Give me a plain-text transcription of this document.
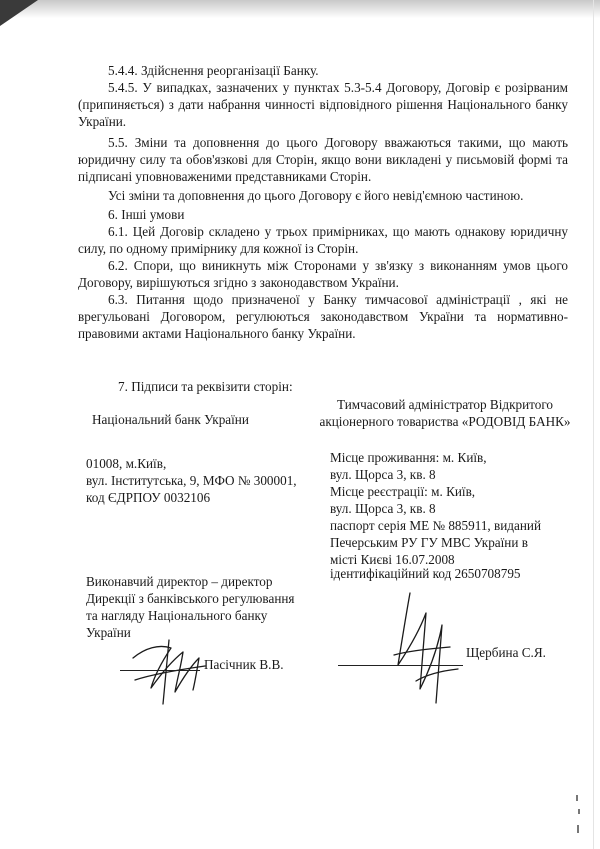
5.4.4. Здійснення реорганізації Банку.

5.4.5. У випадках, зазначених у пунктах 5.3-5.4 Договору, Договір є розірваним (припиняється) з дати набрання чинності відповідного рішення Національного банку України.

5.5. Зміни та доповнення до цього Договору вважаються такими, що мають юридичну силу та обов'язкові для Сторін, якщо вони викладені у письмовій формі та підписані уповноваженими представниками Сторін.

Усі зміни та доповнення до цього Договору є його невід'ємною частиною.

6. Інші умови

6.1. Цей Договір складено у трьох примірниках, що мають однакову юридичну силу, по одному примірнику для кожної із Сторін.

6.2. Спори, що виникнуть між Сторонами у зв'язку з виконанням умов цього Договору, вирішуються згідно з законодавством України.

6.3. Питання щодо призначеної у Банку тимчасової адміністрації , які не врегульовані Договором, регулюються законодавством України та нормативно-правовими актами Національного банку України.

7. Підписи та реквізити сторін:
Національний банк України
Тимчасовий адміністратор Відкритого
акціонерного товариства «РОДОВІД БАНК»
01008, м.Київ,
вул. Інститутська, 9, МФО № 300001,
код ЄДРПОУ 0032106
Місце проживання: м. Київ,
вул. Щорса 3, кв. 8
Місце реєстрації: м. Київ,
вул. Щорса 3, кв. 8
паспорт серія МЕ № 885911, виданий
Печерським РУ ГУ МВС України в
місті Києві 16.07.2008
Виконавчий директор – директор
Дирекції з банківського регулювання
та нагляду Національного банку
України
ідентифікаційний код 2650708795
Пасічник В.В.
Щербина С.Я.
